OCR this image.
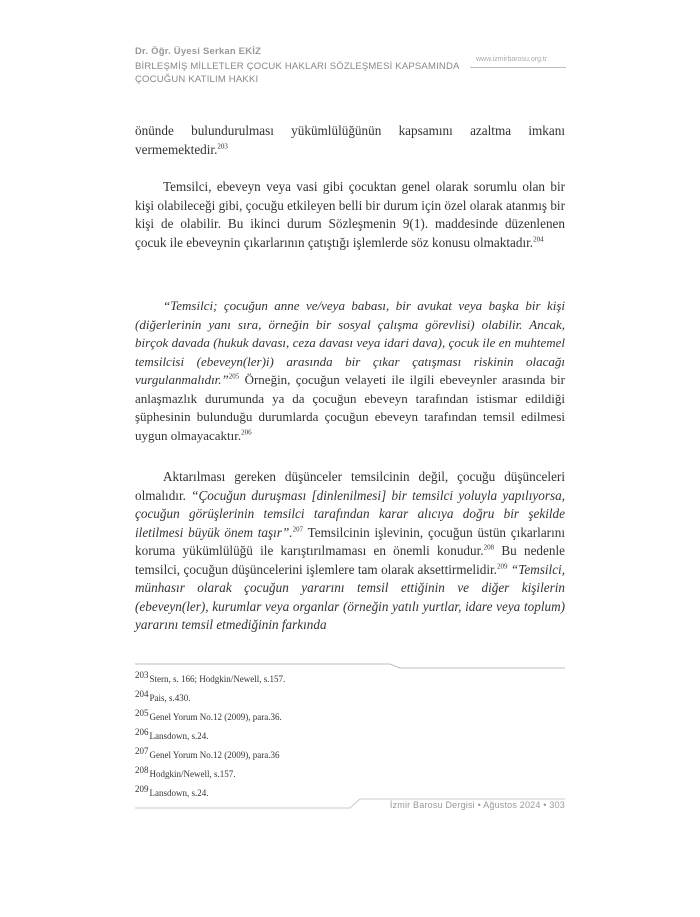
Dr. Öğr. Üyesi Serkan EKİZ
BİRLEŞMİŞ MİLLETLER ÇOCUK HAKLARI SÖZLEŞMESİ KAPSAMINDA
ÇOCUĞUN KATILIM HAKKI
www.izmirbarosu.org.tr

önünde bulundurulması yükümlülüğünün kapsamını azaltma imkanı vermemektedir.$^{203}$

Temsilci, ebeveyn veya vasi gibi çocuktan genel olarak sorumlu olan bir kişi olabileceği gibi, çocuğu etkileyen belli bir durum için özel olarak atanmış bir kişi de olabilir. Bu ikinci durum Sözleşmenin 9(1). maddesinde düzenlenen çocuk ile ebeveynin çıkarlarının çatıştığı işlemlerde söz konusu olmaktadır.$^{204}$

“Temsilci; çocuğun anne ve/veya babası, bir avukat veya başka bir kişi (diğerlerinin yanı sıra, örneğin bir sosyal çalışma görevlisi) olabilir. Ancak, birçok davada (hukuk davası, ceza davası veya idari dava), çocuk ile en muhtemel temsilcisi (ebeveyn(ler)i) arasında bir çıkar çatışması riskinin olacağı vurgulanmalıdır.”$^{205}$ Örneğin, çocuğun velayeti ile ilgili ebeveynler arasında bir anlaşmazlık durumunda ya da çocuğun ebeveyn tarafından istismar edildiği şüphesinin bulunduğu durumlarda çocuğun ebeveyn tarafından temsil edilmesi uygun olmayacaktır.$^{206}$

Aktarılması gereken düşünceler temsilcinin değil, çocuğu düşünceleri olmalıdır. “Çocuğun duruşması [dinlenilmesi] bir temsilci yoluyla yapılıyorsa, çocuğun görüşlerinin temsilci tarafından karar alıcıya doğru bir şekilde iletilmesi büyük önem taşır”.$^{207}$ Temsilcinin işlevinin, çocuğun üstün çıkarlarını koruma yükümlülüğü ile karıştırılmaması en önemli konudur.$^{208}$ Bu nedenle temsilci, çocuğun düşüncelerini işlemlere tam olarak aksettirmelidir.$^{209}$ “Temsilci, münhasır olarak çocuğun yararını temsil ettiğinin ve diğer kişilerin (ebeveyn(ler), kurumlar veya organlar (örneğin yatılı yurtlar, idare veya toplum) yararını temsil etmediğinin farkında

203Stern, s. 166; Hodgkin/Newell, s.157.
204Pais, s.430.
205Genel Yorum No.12 (2009), para.36.
206Lansdown, s.24.
207Genel Yorum No.12 (2009), para.36
208Hodgkin/Newell, s.157.
209Lansdown, s.24.
İzmir Barosu Dergisi • Ağustos 2024 • 303
